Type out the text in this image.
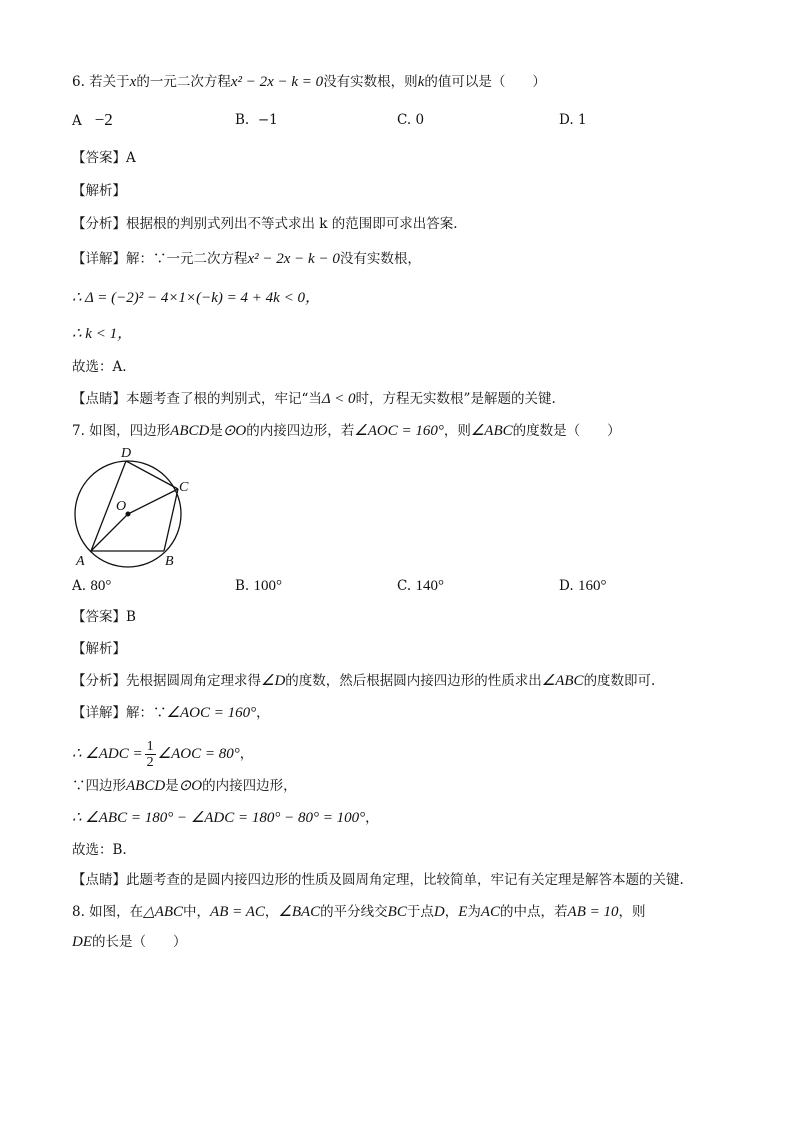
6. 若关于x的一元二次方程x² − 2x − k = 0没有实数根，则k的值可以是（　　）
A −2	B. −1	C. 0	D. 1
【答案】A
【解析】
【分析】根据根的判别式列出不等式求出 k 的范围即可求出答案.
【详解】解：∵一元二次方程x² − 2x − k − 0没有实数根，
∴ Δ = (−2)² − 4×1×(−k) = 4 + 4k < 0，
∴ k < 1，
故选：A.
【点睛】本题考查了根的判别式，牢记“当Δ < 0时，方程无实数根”是解题的关键.
7. 如图，四边形ABCD是⊙O的内接四边形，若∠AOC = 160°，则∠ABC的度数是（　　）
D
C
O
A	B
A. 80°	B. 100°	C. 140°	D. 160°
【答案】B
【解析】
【分析】先根据圆周角定理求得∠D的度数，然后根据圆内接四边形的性质求出∠ABC的度数即可.
【详解】解：∵∠AOC = 160°，
∴ ∠ADC = $\frac{1}{2}$ ∠AOC = 80°，
∵四边形ABCD是⊙O的内接四边形，
∴ ∠ABC = 180° − ∠ADC = 180° − 80° = 100°，
故选：B.
【点睛】此题考查的是圆内接四边形的性质及圆周角定理，比较简单，牢记有关定理是解答本题的关键.
8. 如图，在△ABC中，AB = AC，∠BAC的平分线交BC于点D，E为AC的中点，若AB = 10，则
DE的长是（　　）
